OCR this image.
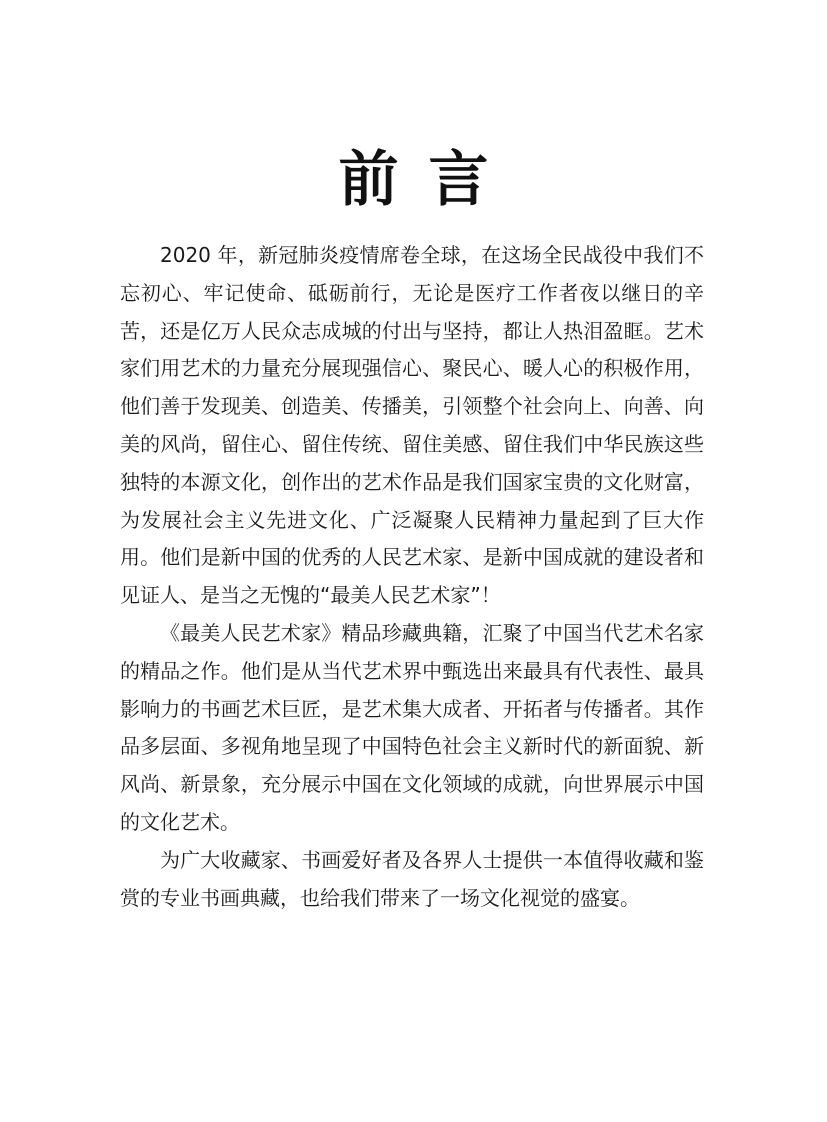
前言

2020 年，新冠肺炎疫情席卷全球，在这场全民战役中我们不忘初心、牢记使命、砥砺前行，无论是医疗工作者夜以继日的辛苦，还是亿万人民众志成城的付出与坚持，都让人热泪盈眶。艺术家们用艺术的力量充分展现强信心、聚民心、暖人心的积极作用，他们善于发现美、创造美、传播美，引领整个社会向上、向善、向美的风尚，留住心、留住传统、留住美感、留住我们中华民族这些独特的本源文化，创作出的艺术作品是我们国家宝贵的文化财富，为发展社会主义先进文化、广泛凝聚人民精神力量起到了巨大作用。他们是新中国的优秀的人民艺术家、是新中国成就的建设者和见证人、是当之无愧的“最美人民艺术家”！

《最美人民艺术家》精品珍藏典籍，汇聚了中国当代艺术名家的精品之作。他们是从当代艺术界中甄选出来最具有代表性、最具影响力的书画艺术巨匠，是艺术集大成者、开拓者与传播者。其作品多层面、多视角地呈现了中国特色社会主义新时代的新面貌、新风尚、新景象，充分展示中国在文化领域的成就，向世界展示中国的文化艺术。

为广大收藏家、书画爱好者及各界人士提供一本值得收藏和鉴赏的专业书画典藏，也给我们带来了一场文化视觉的盛宴。
